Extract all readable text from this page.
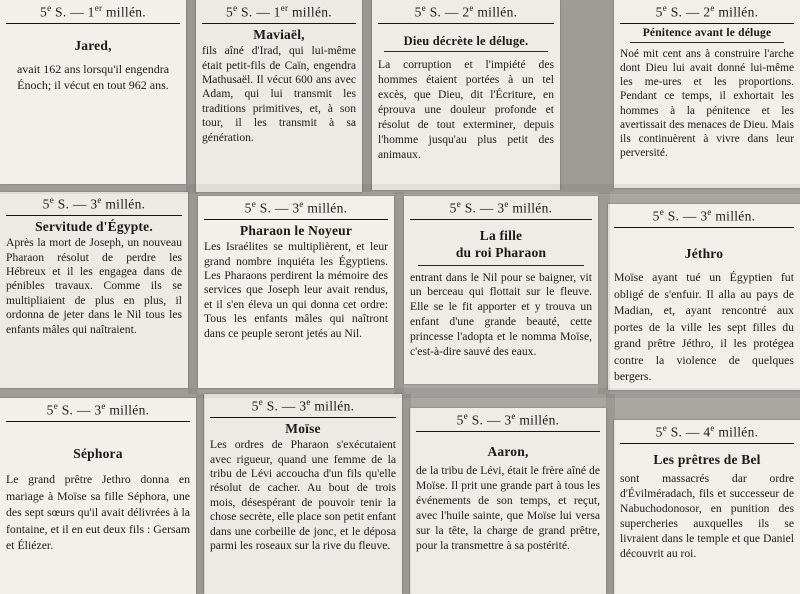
5e S. — 1er millén.
Jared,
avait 162 ans lorsqu'il engendra Énoch; il vécut en tout 962 ans.
5e S. — 1er millén.
Maviaël,
fils aîné d'Irad, qui lui-même était petit-fils de Caïn, engendra Mathusaël. Il vécut 600 ans avec Adam, qui lui transmit les traditions primitives, et, à son tour, il les transmit à sa génération.
5e S. — 2e millén.
Dieu décrète le déluge.
La corruption et l'impiété des hommes étaient portées à un tel excès, que Dieu, dit l'Écriture, en éprouva une douleur profonde et résolut de tout exterminer, depuis l'homme jusqu'au plus petit des animaux.
5e S. — 2e millén.
Pénitence avant le déluge
Noé mit cent ans à construire l'arche dont Dieu lui avait donné lui-même les me-ures et les proportions. Pendant ce temps, il exhortait les hommes à la pénitence et les avertissait des menaces de Dieu. Mais ils continuèrent à vivre dans leur perversité.
5e S. — 3e millén.
Servitude d'Égypte.
Après la mort de Joseph, un nouveau Pharaon résolut de perdre les Hébreux et il les engagea dans de pénibles travaux. Comme ils se multipliaient de plus en plus, il ordonna de jeter dans le Nil tous les enfants mâles qui naîtraient.
5e S. — 3e millén.
Pharaon le Noyeur
Les Israélites se multiplièrent, et leur grand nombre inquiéta les Égyptiens. Les Pharaons perdirent la mémoire des services que Joseph leur avait rendus, et il s'en éleva un qui donna cet ordre: Tous les enfants mâles qui naîtront dans ce peuple seront jetés au Nil.
5e S. — 3e millén.
La fille
du roi Pharaon
entrant dans le Nil pour se baigner, vit un berceau qui flottait sur le fleuve. Elle se le fit apporter et y trouva un enfant d'une grande beauté, cette princesse l'adopta et le nomma Moïse, c'est-à-dire sauvé des eaux.
5e S. — 3e millén.
Jéthro
Moïse ayant tué un Égyptien fut obligé de s'enfuir. Il alla au pays de Madian, et, ayant rencontré aux portes de la ville les sept filles du grand prêtre Jéthro, il les protégea contre la violence de quelques bergers.
5e S. — 3e millén.
Séphora
Le grand prêtre Jethro donna en mariage à Moïse sa fille Séphora, une des sept sœurs qu'il avait délivrées à la fontaine, et il en eut deux fils : Gersam et Éliézer.
5e S. — 3e millén.
Moïse
Les ordres de Pharaon s'exécutaient avec rigueur, quand une femme de la tribu de Lévi accoucha d'un fils qu'elle résolut de cacher. Au bout de trois mois, désespérant de pouvoir tenir la chose secrète, elle place son petit enfant dans une corbeille de jonc, et le déposa parmi les roseaux sur la rive du fleuve.
5e S. — 3e millén.
Aaron,
de la tribu de Lévi, était le frère aîné de Moïse. Il prit une grande part à tous les événements de son temps, et reçut, avec l'huile sainte, que Moïse lui versa sur la tête, la charge de grand prêtre, pour la transmettre à sa postérité.
5e S. — 4e millén.
Les prêtres de Bel
sont massacrés dar ordre d'Évilméradach, fils et successeur de Nabuchodonosor, en punition des supercheries auxquelles ils se livraient dans le temple et que Daniel découvrit au roi.
